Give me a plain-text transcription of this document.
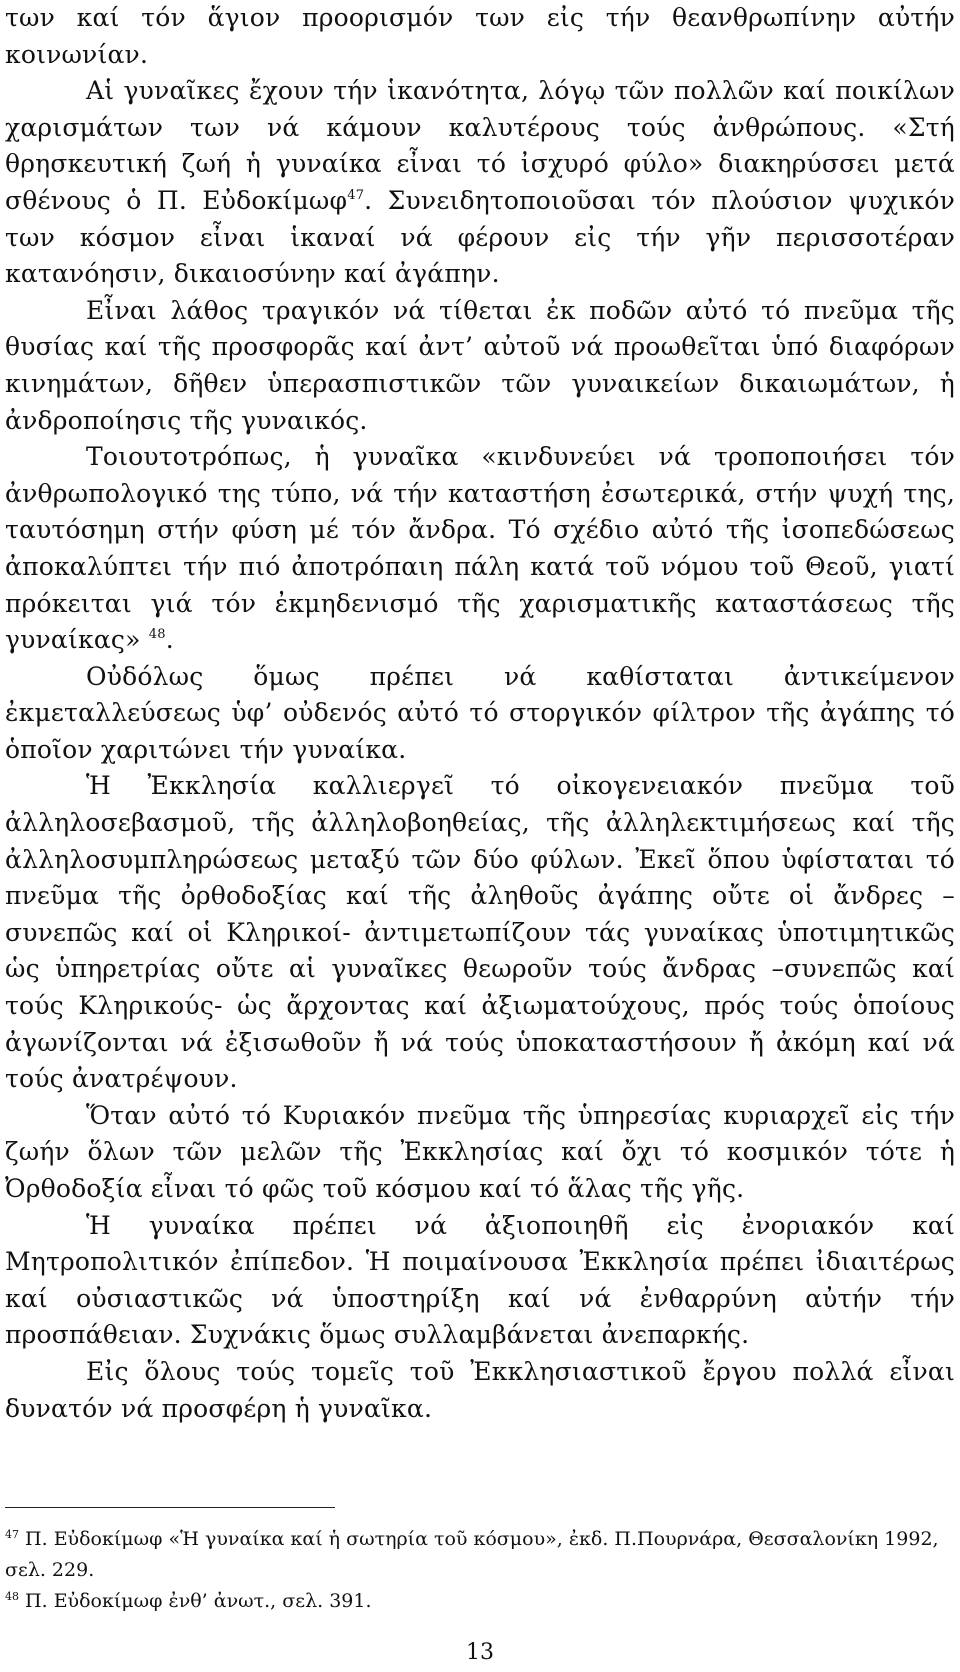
των καί τόν ἅγιον προορισμόν των εἰς τήν θεανθρωπίνην αὐτήν κοινωνίαν.

Αἱ γυναῖκες ἔχουν τήν ἱκανότητα, λόγῳ τῶν πολλῶν καί ποικίλων χαρισμάτων των νά κάμουν καλυτέρους τούς ἀνθρώπους. «Στή θρησκευτική ζωή ἡ γυναίκα εἶναι τό ἰσχυρό φύλο» διακηρύσσει μετά σθένους ὁ Π. Εὐδοκίμωφ$^{47}$. Συνειδητοποιοῦσαι τόν πλούσιον ψυχικόν των κόσμον εἶναι ἱκαναί νά φέρουν εἰς τήν γῆν περισσοτέραν κατανόησιν, δικαιοσύνην καί ἀγάπην.

Εἶναι λάθος τραγικόν νά τίθεται ἐκ ποδῶν αὐτό τό πνεῦμα τῆς θυσίας καί τῆς προσφορᾶς καί ἀντ’ αὐτοῦ νά προωθεῖται ὑπό διαφόρων κινημάτων, δῆθεν ὑπερασπιστικῶν τῶν γυναικείων δικαιωμάτων, ἡ ἀνδροποίησις τῆς γυναικός.

Τοιουτοτρόπως, ἡ γυναῖκα «κινδυνεύει νά τροποποιήσει τόν ἀνθρωπολογικό της τύπο, νά τήν καταστήση ἐσωτερικά, στήν ψυχή της, ταυτόσημη στήν φύση μέ τόν ἄνδρα. Τό σχέδιο αὐτό τῆς ἰσοπεδώσεως ἀποκαλύπτει τήν πιό ἀποτρόπαιη πάλη κατά τοῦ νόμου τοῦ Θεοῦ, γιατί πρόκειται γιά τόν ἐκμηδενισμό τῆς χαρισματικῆς καταστάσεως τῆς γυναίκας» $^{48}$.

Οὐδόλως ὅμως πρέπει νά καθίσταται ἀντικείμενον ἐκμεταλλεύσεως ὑφ’ οὐδενός αὐτό τό στοργικόν φίλτρον τῆς ἀγάπης τό ὁποῖον χαριτώνει τήν γυναίκα.

Ἡ Ἐκκλησία καλλιεργεῖ τό οἰκογενειακόν πνεῦμα τοῦ ἀλληλοσεβασμοῦ, τῆς ἀλληλοβοηθείας, τῆς ἀλληλεκτιμήσεως καί τῆς ἀλληλοσυμπληρώσεως μεταξύ τῶν δύο φύλων. Ἐκεῖ ὅπου ὑφίσταται τό πνεῦμα τῆς ὀρθοδοξίας καί τῆς ἀληθοῦς ἀγάπης οὔτε οἱ ἄνδρες –συνεπῶς καί οἱ Κληρικοί- ἀντιμετωπίζουν τάς γυναίκας ὑποτιμητικῶς ὡς ὑπηρετρίας οὔτε αἱ γυναῖκες θεωροῦν τούς ἄνδρας –συνεπῶς καί τούς Κληρικούς- ὡς ἄρχοντας καί ἀξιωματούχους, πρός τούς ὁποίους ἀγωνίζονται νά ἐξισωθοῦν ἤ νά τούς ὑποκαταστήσουν ἤ ἀκόμη καί νά τούς ἀνατρέψουν.

Ὅταν αὐτό τό Κυριακόν πνεῦμα τῆς ὑπηρεσίας κυριαρχεῖ εἰς τήν ζωήν ὅλων τῶν μελῶν τῆς Ἐκκλησίας καί ὄχι τό κοσμικόν τότε ἡ Ὀρθοδοξία εἶναι τό φῶς τοῦ κόσμου καί τό ἅλας τῆς γῆς.

Ἡ γυναίκα πρέπει νά ἀξιοποιηθῆ εἰς ἐνοριακόν καί Μητροπολιτικόν ἐπίπεδον. Ἡ ποιμαίνουσα Ἐκκλησία πρέπει ἰδιαιτέρως καί οὐσιαστικῶς νά ὑποστηρίξη καί νά ἐνθαρρύνη αὐτήν τήν προσπάθειαν. Συχνάκις ὅμως συλλαμβάνεται ἀνεπαρκής.

Εἰς ὅλους τούς τομεῖς τοῦ Ἐκκλησιαστικοῦ ἔργου πολλά εἶναι δυνατόν νά προσφέρη ἡ γυναῖκα.

$^{47}$ Π. Εὐδοκίμωφ «Ἡ γυναίκα καί ἡ σωτηρία τοῦ κόσμου», ἐκδ. Π.Πουρνάρα, Θεσσαλονίκη 1992, σελ. 229.

$^{48}$ Π. Εὐδοκίμωφ ἐνθ’ ἀνωτ., σελ. 391.

13
